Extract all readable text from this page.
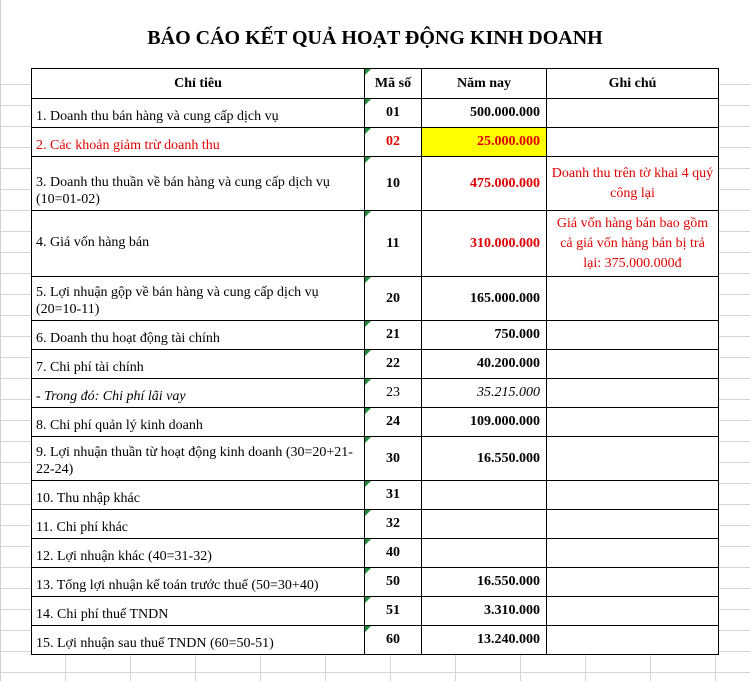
BÁO CÁO KẾT QUẢ HOẠT ĐỘNG KINH DOANH
Chỉ tiêu	Mã số	Năm nay	Ghi chú
1. Doanh thu bán hàng và cung cấp dịch vụ	01	500.000.000	
2. Các khoản giảm trừ doanh thu	02	25.000.000	
3. Doanh thu thuần về bán hàng và cung cấp dịch vụ (10=01-02)	10	475.000.000	Doanh thu trên tờ khai 4 quý công lại
4. Giá vốn hàng bán	11	310.000.000	Giá vốn hàng bán bao gồm cả giá vốn hàng bán bị trả lại: 375.000.000đ
5. Lợi nhuận gộp về bán hàng và cung cấp dịch vụ (20=10-11)	20	165.000.000	
6. Doanh thu hoạt động tài chính	21	750.000	
7. Chi phí tài chính	22	40.200.000	
- Trong đó: Chi phí lãi vay	23	35.215.000	
8. Chi phí quản lý kinh doanh	24	109.000.000	
9. Lợi nhuận thuần từ hoạt động kinh doanh (30=20+21-22-24)	30	16.550.000	
10. Thu nhập khác	31		
11. Chi phí khác	32		
12. Lợi nhuận khác (40=31-32)	40		
13. Tổng lợi nhuận kế toán trước thuế (50=30+40)	50	16.550.000	
14. Chi phí thuế TNDN	51	3.310.000	
15. Lợi nhuận sau thuế TNDN (60=50-51)	60	13.240.000	
